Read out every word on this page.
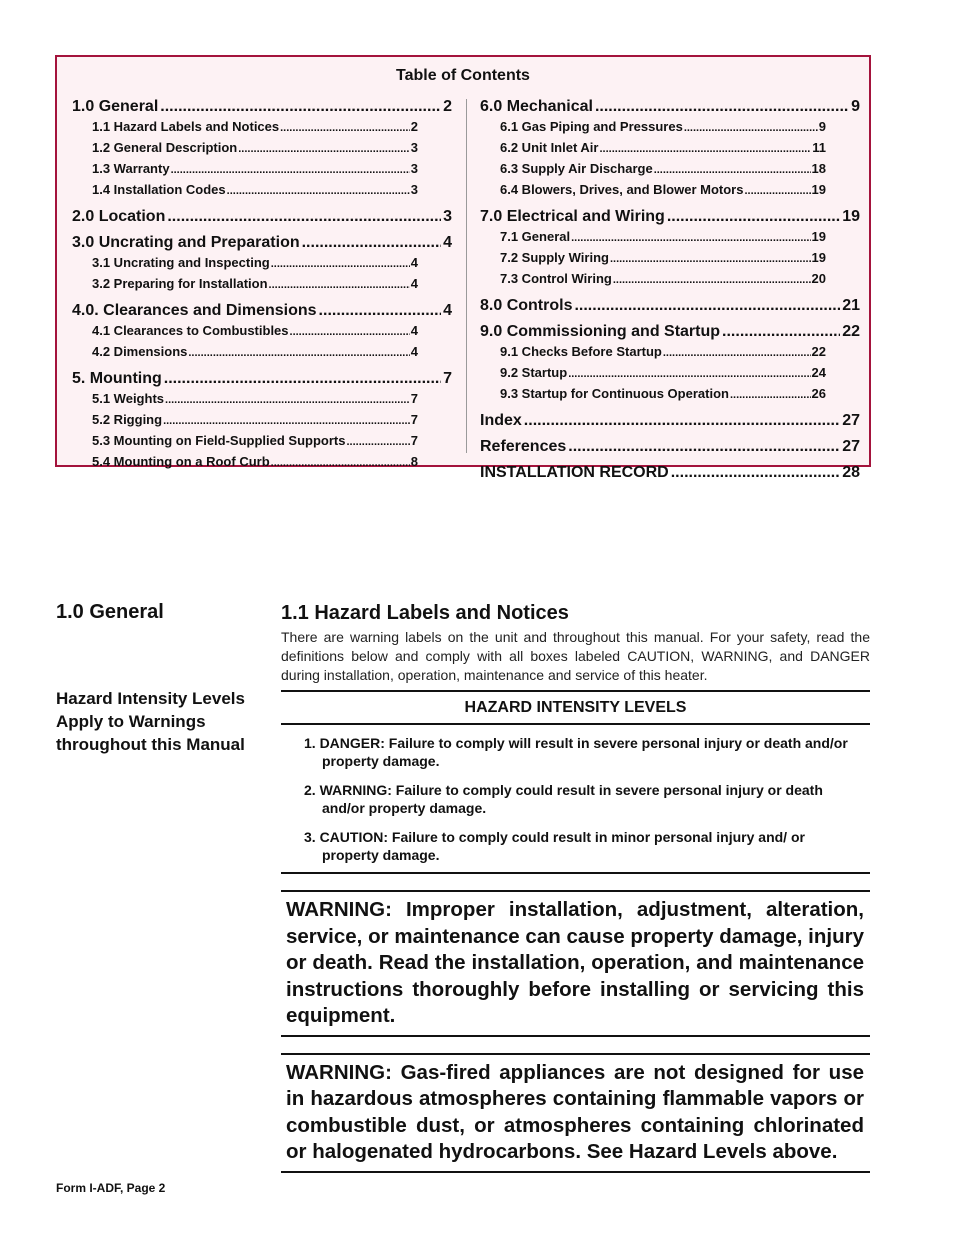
Table of Contents
1.0 General .....	2
1.1 Hazard Labels and Notices .....	2
1.2 General Description .....	3
1.3 Warranty .....	3
1.4 Installation Codes .....	3
2.0 Location .....	3
3.0 Uncrating and Preparation .....	4
3.1 Uncrating and Inspecting .....	4
3.2 Preparing for Installation .....	4
4.0. Clearances and Dimensions .....	4
4.1 Clearances to Combustibles .....	4
4.2 Dimensions .....	4
5. Mounting .....	7
5.1 Weights .....	7
5.2 Rigging .....	7
5.3 Mounting on Field-Supplied Supports .....	7
5.4 Mounting on a Roof Curb .....	8
6.0 Mechanical .....	9
6.1 Gas Piping and Pressures .....	9
6.2 Unit Inlet Air .....	11
6.3 Supply Air Discharge .....	18
6.4 Blowers, Drives, and Blower Motors .....	19
7.0 Electrical and Wiring .....	19
7.1 General .....	19
7.2 Supply Wiring .....	19
7.3 Control Wiring .....	20
8.0 Controls .....	21
9.0 Commissioning and Startup .....	22
9.1 Checks Before Startup .....	22
9.2 Startup .....	24
9.3 Startup for Continuous Operation .....	26
Index .....	27
References .....	27
INSTALLATION RECORD .....	28
1.0 General
Hazard Intensity Levels Apply to Warnings throughout this Manual
1.1 Hazard Labels and Notices

There are warning labels on the unit and throughout this manual. For your safety, read the definitions below and comply with all boxes labeled CAUTION, WARNING, and DANGER during installation, operation, maintenance and service of this heater.

HAZARD INTENSITY LEVELS
1. DANGER: Failure to comply will result in severe personal injury or death and/or property damage.
2. WARNING: Failure to comply could result in severe personal injury or death and/or property damage.
3. CAUTION: Failure to comply could result in minor personal injury and/ or property damage.
WARNING: Improper installation, adjustment, alteration, service, or maintenance can cause property damage, injury or death. Read the installation, operation, and maintenance instructions thoroughly before installing or servicing this equipment.
WARNING: Gas-fired appliances are not designed for use in hazardous atmospheres containing flammable vapors or combustible dust, or atmospheres containing chlorinated or halogenated hydrocarbons. See Hazard Levels above.
Form I-ADF, Page 2
